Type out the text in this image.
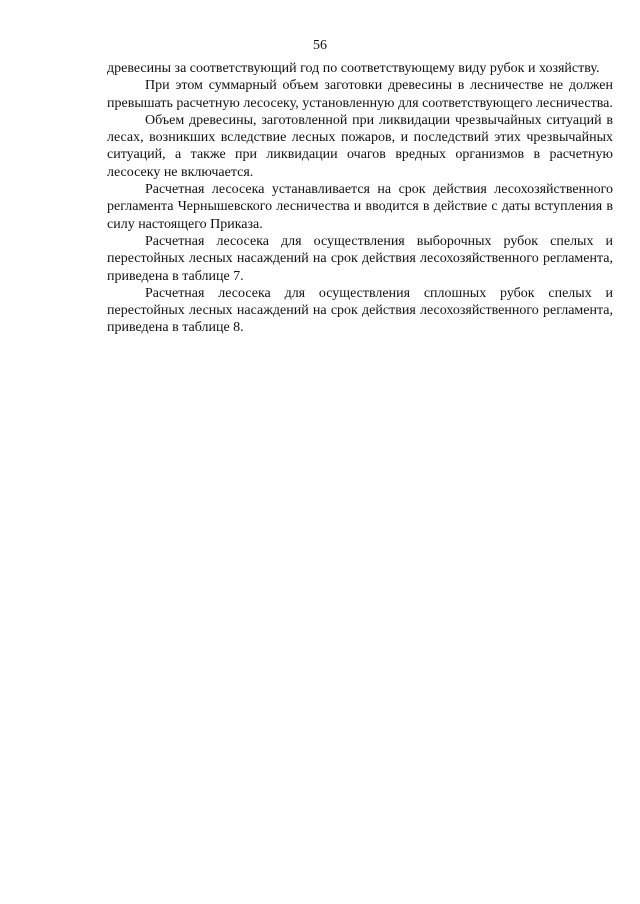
56

древесины за соответствующий год по соответствующему виду рубок и хозяйству.

При этом суммарный объем заготовки древесины в лесничестве не должен превышать расчетную лесосеку, установленную для соответствующего лесничества.

Объем древесины, заготовленной при ликвидации чрезвычайных ситуаций в лесах, возникших вследствие лесных пожаров, и последствий этих чрезвычайных ситуаций, а также при ликвидации очагов вредных организмов в расчетную лесосеку не включается.

Расчетная лесосека устанавливается на срок действия лесохозяйственного регламента Чернышевского лесничества и вводится в действие с даты вступления в силу настоящего Приказа.

Расчетная лесосека для осуществления выборочных рубок спелых и перестойных лесных насаждений на срок действия лесохозяйственного регламента, приведена в таблице 7.

Расчетная лесосека для осуществления сплошных рубок спелых и перестойных лесных насаждений на срок действия лесохозяйственного регламента, приведена в таблице 8.
